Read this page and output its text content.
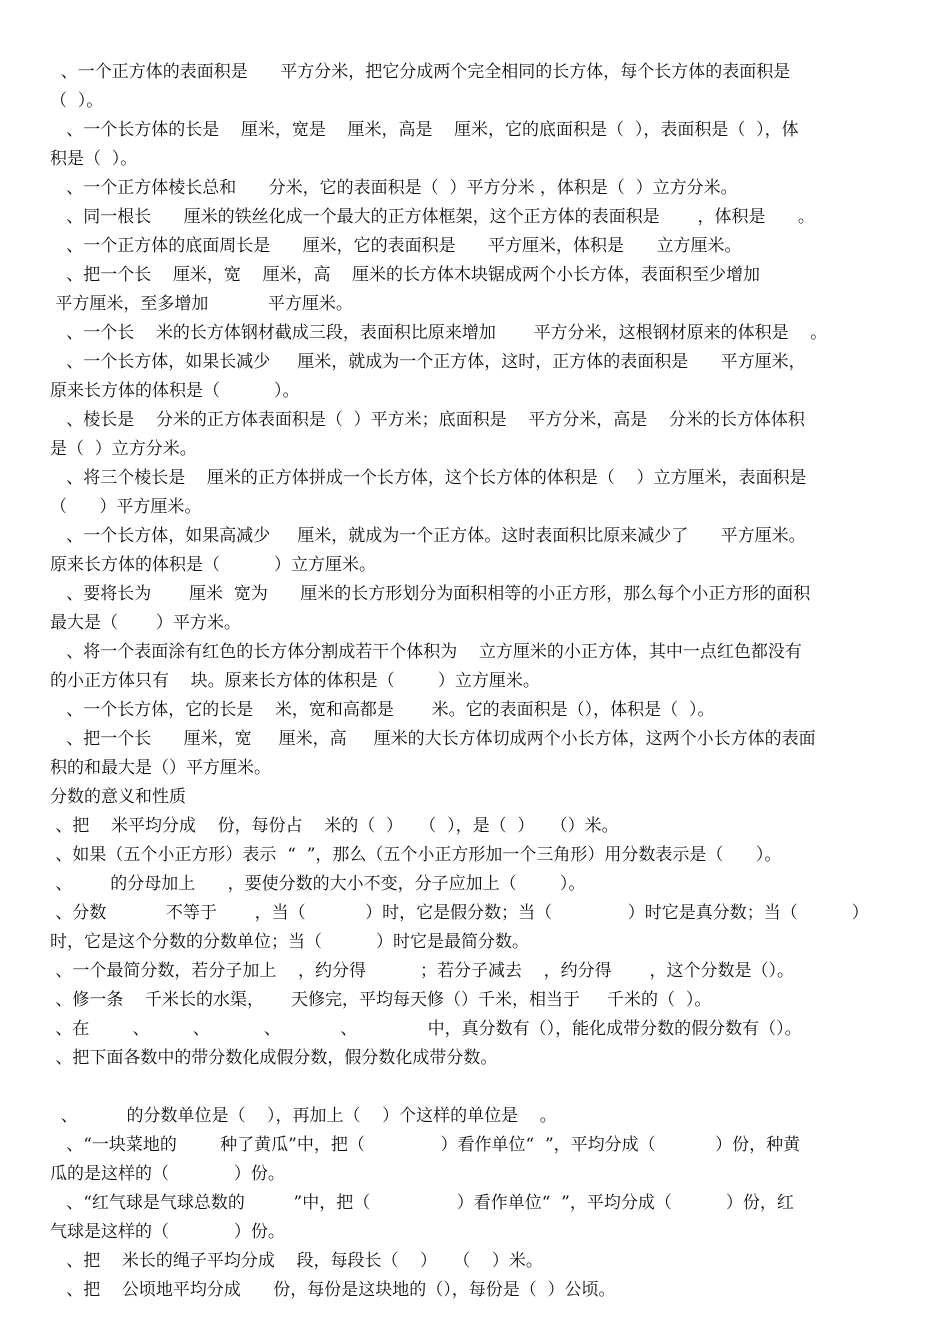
、一个正方体的表面积是      平方分米，把它分成两个完全相同的长方体，每个长方体的表面积是
（  ）。
、一个长方体的长是    厘米，宽是    厘米，高是    厘米，它的底面积是（  ），表面积是（  ），体
积是（  ）。
、一个正方体棱长总和      分米，它的表面积是（  ）平方分米 ，体积是（  ）立方分米。
、同一根长      厘米的铁丝化成一个最大的正方体框架，这个正方体的表面积是       ，体积是      。
、一个正方体的底面周长是      厘米，它的表面积是      平方厘米，体积是      立方厘米。
、把一个长    厘米，宽    厘米，高    厘米的长方体木块锯成两个小长方体，表面积至少增加
平方厘米，至多增加           平方厘米。
、一个长    米的长方体钢材截成三段，表面积比原来增加       平方分米，这根钢材原来的体积是    。
、一个长方体，如果长减少     厘米，就成为一个正方体，这时，正方体的表面积是      平方厘米，
原来长方体的体积是（          ）。
、棱长是    分米的正方体表面积是（  ）平方米；底面积是    平方分米，高是    分米的长方体体积
是（  ）立方分米。
、将三个棱长是    厘米的正方体拼成一个长方体，这个长方体的体积是（    ）立方厘米，表面积是
（      ）平方厘米。
、一个长方体，如果高减少     厘米，就成为一个正方体。这时表面积比原来减少了      平方厘米。
原来长方体的体积是（          ）立方厘米。
、要将长为       厘米  宽为      厘米的长方形划分为面积相等的小正方形，那么每个小正方形的面积
最大是（       ）平方米。
、将一个表面涂有红色的长方体分割成若干个体积为    立方厘米的小正方体，其中一点红色都没有
的小正方体只有    块。原来长方体的体积是（        ）立方厘米。
、一个长方体，它的长是    米，宽和高都是       米。它的表面积是（），体积是（  ）。
、把一个长      厘米，宽     厘米，高     厘米的大长方体切成两个小长方体，这两个小长方体的表面
积的和最大是（）平方厘米。
分数的意义和性质
、把    米平均分成    份，每份占    米的（  ）   （  ），是（  ）   （）米。
、如果（五个小正方形）表示  “  ”，那么（五个小正方形加一个三角形）用分数表示是（      ）。
、       的分母加上      ，要使分数的大小不变，分子应加上（        ）。
、分数           不等于       ，当（           ）时，它是假分数；当（              ）时它是真分数；当（          ）
时，它是这个分数的分数单位；当（          ）时它是最简分数。
、一个最简分数，若分子加上    ，约分得          ；若分子减去    ，约分得       ，这个分数是（）。
、修一条    千米长的水渠，     天修完，平均每天修（）千米，相当于     千米的（  ）。
、在        、        、          、           、             中，真分数有（），能化成带分数的假分数有（）。
、把下面各数中的带分数化成假分数，假分数化成带分数。
、         的分数单位是（    ），再加上（    ）个这样的单位是    。
、“一块菜地的        种了黄瓜”中，把（              ）看作单位“  ”，平均分成（           ）份，种黄
瓜的是这样的（            ）份。
、“红气球是气球总数的         ”中，把（                ）看作单位“  ”，平均分成（          ）份，红
气球是这样的（            ）份。
、把    米长的绳子平均分成    段，每段长（    ）   （    ）米。
、把    公顷地平均分成      份，每份是这块地的（），每份是（  ）公顷。
